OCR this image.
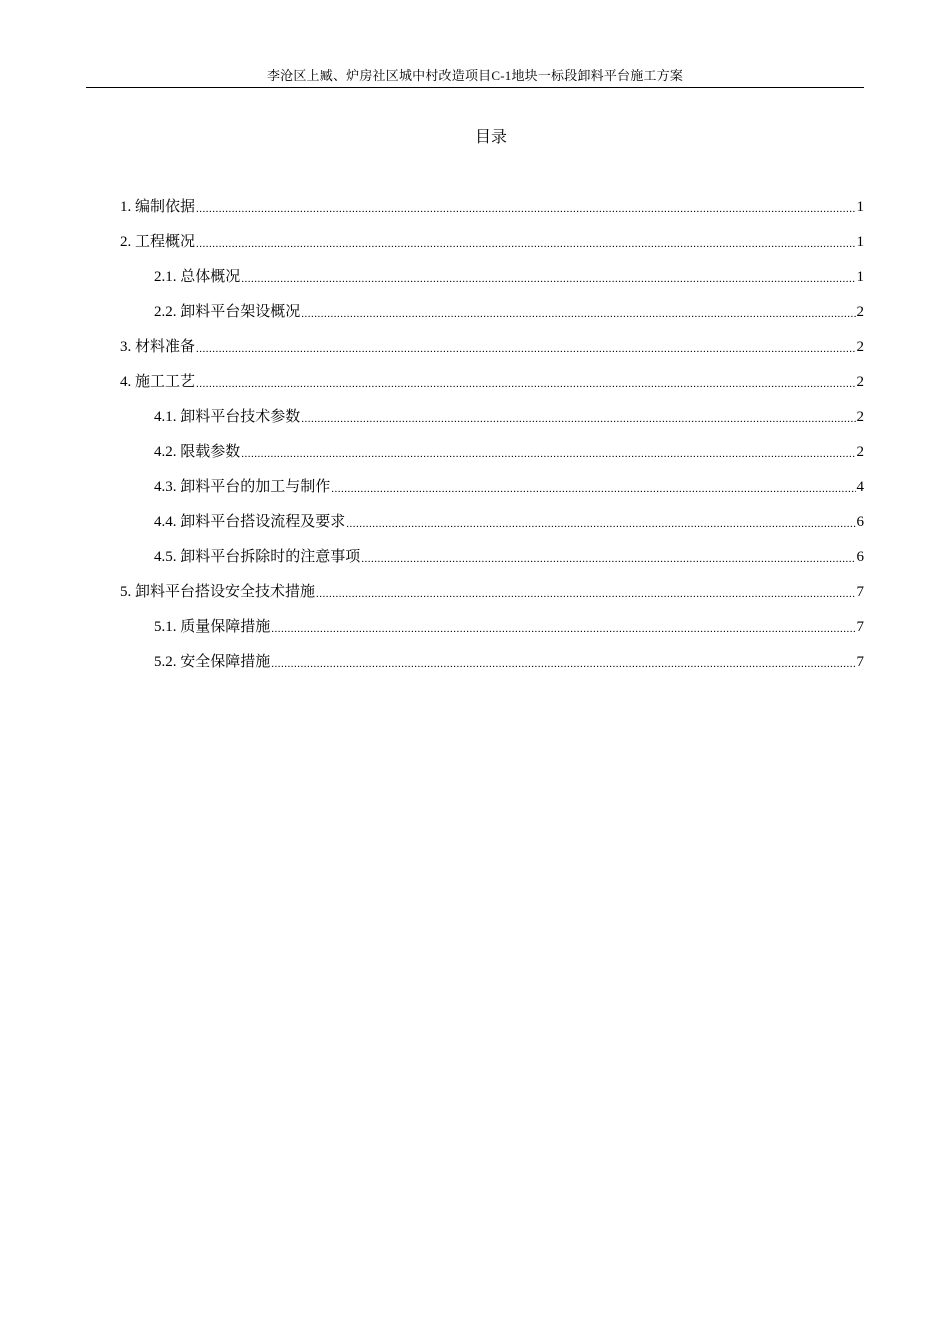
李沧区上臧、炉房社区城中村改造项目C-1地块一标段卸料平台施工方案
目录
1. 编制依据 .....	1
2. 工程概况 .....	1
2.1. 总体概况 .....	1
2.2. 卸料平台架设概况 .....	2
3. 材料准备 .....	2
4. 施工工艺 .....	2
4.1. 卸料平台技术参数 .....	2
4.2. 限载参数 .....	2
4.3. 卸料平台的加工与制作 .....	4
4.4. 卸料平台搭设流程及要求 .....	6
4.5. 卸料平台拆除时的注意事项 .....	6
5. 卸料平台搭设安全技术措施 .....	7
5.1. 质量保障措施 .....	7
5.2. 安全保障措施 .....	7
